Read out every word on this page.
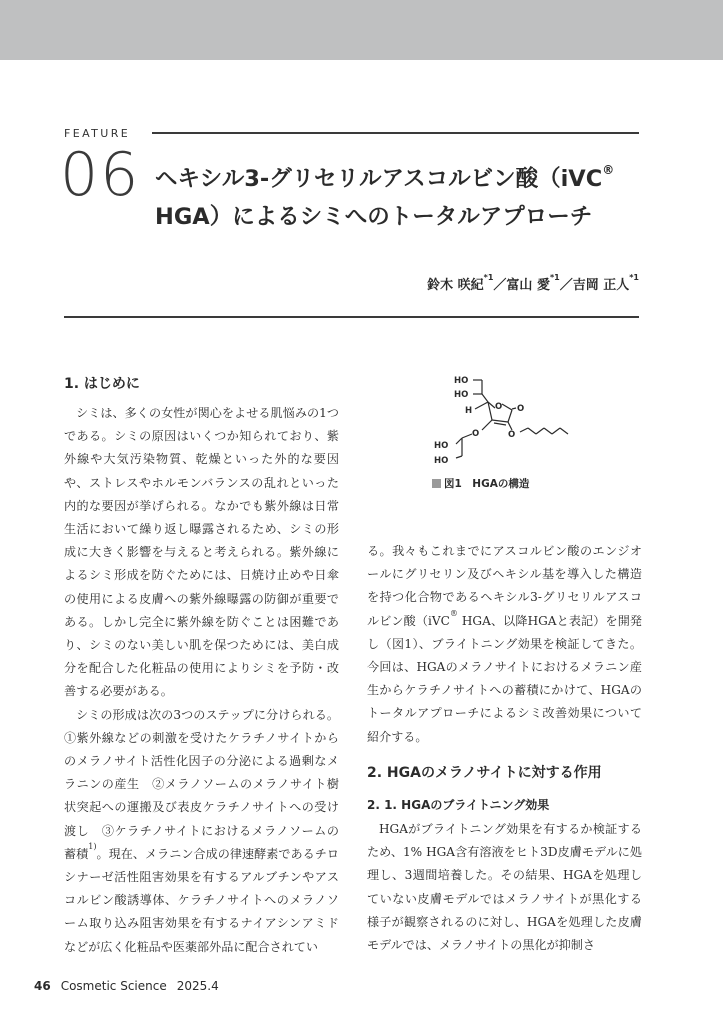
FEATURE
06 ヘキシル3-グリセリルアスコルビン酸（iVC®
HGA）によるシミへのトータルアプローチ
鈴木 咲紀$^{*1}$／富山 愛$^{*1}$／吉岡 正人$^{*1}$
1. はじめに

シミは、多くの女性が関心をよせる肌悩みの1つである。シミの原因はいくつか知られており、紫外線や大気汚染物質、乾燥といった外的な要因や、ストレスやホルモンバランスの乱れといった内的な要因が挙げられる。なかでも紫外線は日常生活において繰り返し曝露されるため、シミの形成に大きく影響を与えると考えられる。紫外線によるシミ形成を防ぐためには、日焼け止めや日傘の使用による皮膚への紫外線曝露の防御が重要である。しかし完全に紫外線を防ぐことは困難であり、シミのない美しい肌を保つためには、美白成分を配合した化粧品の使用によりシミを予防・改善する必要がある。

シミの形成は次の3つのステップに分けられる。①紫外線などの刺激を受けたケラチノサイトからのメラノサイト活性化因子の分泌による過剰なメラニンの産生　②メラノソームのメラノサイト樹状突起への運搬及び表皮ケラチノサイトへの受け渡し　③ケラチノサイトにおけるメラノソームの蓄積$^{1)}$。現在、メラニン合成の律速酵素であるチロシナーゼ活性阻害効果を有するアルブチンやアスコルビン酸誘導体、ケラチノサイトへのメラノソーム取り込み阻害効果を有するナイアシンアミドなどが広く化粧品や医薬部外品に配合されてい

HO
HO
H	O O
O	O
HO
HO
図1　HGAの構造

る。我々もこれまでにアスコルビン酸のエンジオールにグリセリン及びヘキシル基を導入した構造を持つ化合物であるヘキシル3-グリセリルアスコルビン酸（iVC® HGA、以降HGAと表記）を開発し（図1）、ブライトニング効果を検証してきた。今回は、HGAのメラノサイトにおけるメラニン産生からケラチノサイトへの蓄積にかけて、HGAのトータルアプローチによるシミ改善効果について紹介する。

2. HGAのメラノサイトに対する作用
2. 1. HGAのブライトニング効果

HGAがブライトニング効果を有するか検証するため、1% HGA含有溶液をヒト3D皮膚モデルに処理し、3週間培養した。その結果、HGAを処理していない皮膚モデルではメラノサイトが黒化する様子が観察されるのに対し、HGAを処理した皮膚モデルでは、メラノサイトの黒化が抑制さ

46 Cosmetic Science 2025.4
